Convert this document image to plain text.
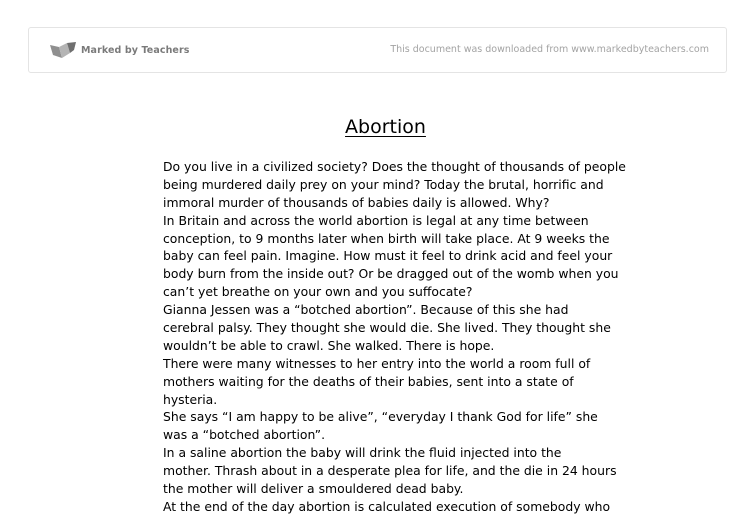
Marked by Teachers	This document was downloaded from www.markedbyteachers.com
Abortion
Do you live in a civilized society? Does the thought of thousands of people
being murdered daily prey on your mind? Today the brutal, horrific and
immoral murder of thousands of babies daily is allowed. Why?
In Britain and across the world abortion is legal at any time between
conception, to 9 months later when birth will take place. At 9 weeks the
baby can feel pain. Imagine. How must it feel to drink acid and feel your
body burn from the inside out? Or be dragged out of the womb when you
can’t yet breathe on your own and you suffocate?
Gianna Jessen was a “botched abortion”. Because of this she had
cerebral palsy. They thought she would die. She lived. They thought she
wouldn’t be able to crawl. She walked. There is hope.
There were many witnesses to her entry into the world a room full of
mothers waiting for the deaths of their babies, sent into a state of
hysteria.
She says “I am happy to be alive”, “everyday I thank God for life” she
was a “botched abortion”.
In a saline abortion the baby will drink the fluid injected into the
mother. Thrash about in a desperate plea for life, and the die in 24 hours
the mother will deliver a smouldered dead baby.
At the end of the day abortion is calculated execution of somebody who
